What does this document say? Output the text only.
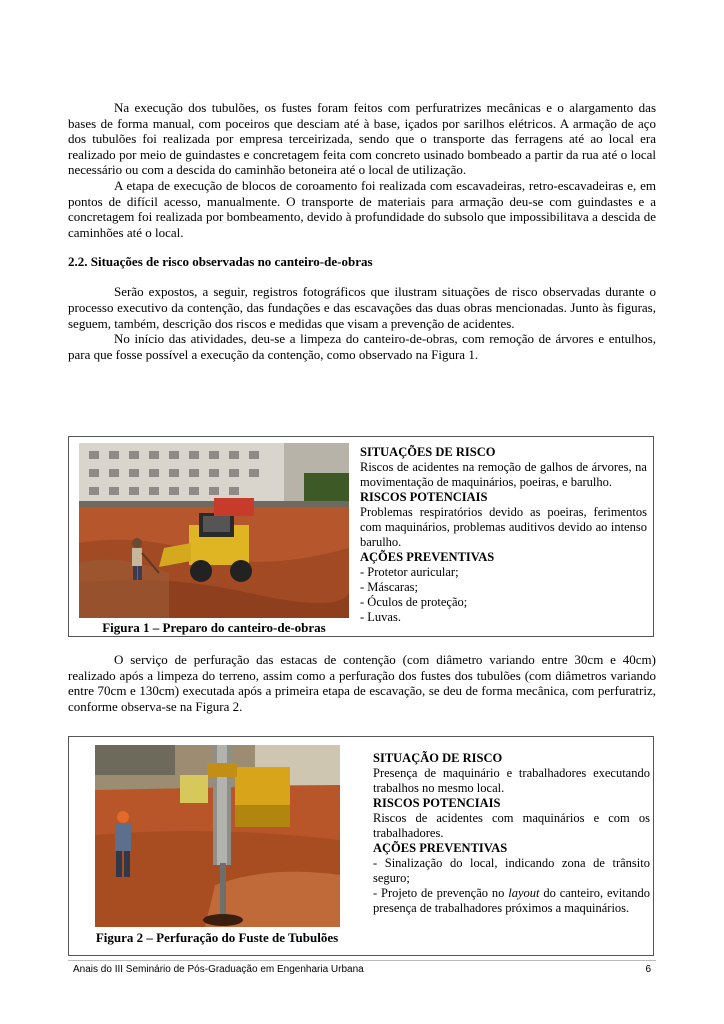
Na execução dos tubulões, os fustes foram feitos com perfuratrizes mecânicas e o alargamento das bases de forma manual, com poceiros que desciam até à base, içados por sarilhos elétricos. A armação de aço dos tubulões foi realizada por empresa terceirizada, sendo que o transporte das ferragens até ao local era realizado por meio de guindastes e concretagem feita com concreto usinado bombeado a partir da rua até o local necessário ou com a descida do caminhão betoneira até o local de utilização.

A etapa de execução de blocos de coroamento foi realizada com escavadeiras, retro-escavadeiras e, em pontos de difícil acesso, manualmente. O transporte de materiais para armação deu-se com guindastes e a concretagem foi realizada por bombeamento, devido à profundidade do subsolo que impossibilitava a descida de caminhões até o local.

2.2. Situações de risco observadas no canteiro-de-obras

Serão expostos, a seguir, registros fotográficos que ilustram situações de risco observadas durante o processo executivo da contenção, das fundações e das escavações das duas obras mencionadas. Junto às figuras, seguem, também, descrição dos riscos e medidas que visam a prevenção de acidentes.

No início das atividades, deu-se a limpeza do canteiro-de-obras, com remoção de árvores e entulhos, para que fosse possível a execução da contenção, como observado na Figura 1.

Figura 1 – Preparo do canteiro-de-obras
SITUAÇÕES DE RISCO
Riscos de acidentes na remoção de galhos de árvores, na movimentação de maquinários, poeiras, e barulho.
RISCOS POTENCIAIS
Problemas respiratórios devido as poeiras, ferimentos com maquinários, problemas auditivos devido ao intenso barulho.
AÇÕES PREVENTIVAS
- Protetor auricular;
- Máscaras;
- Óculos de proteção;
- Luvas.

O serviço de perfuração das estacas de contenção (com diâmetro variando entre 30cm e 40cm) realizado após a limpeza do terreno, assim como a perfuração dos fustes dos tubulões (com diâmetros variando entre 70cm e 130cm) executada após a primeira etapa de escavação, se deu de forma mecânica, com perfuratriz, conforme observa-se na Figura 2.

Figura 2 – Perfuração do Fuste de Tubulões
SITUAÇÃO DE RISCO
Presença de maquinário e trabalhadores executando trabalhos no mesmo local.
RISCOS POTENCIAIS
Riscos de acidentes com maquinários e com os trabalhadores.
AÇÕES PREVENTIVAS
- Sinalização do local, indicando zona de trânsito seguro;
- Projeto de prevenção no layout do canteiro, evitando presença de trabalhadores próximos a maquinários.
Anais do III Seminário de Pós-Graduação em Engenharia Urbana	6
